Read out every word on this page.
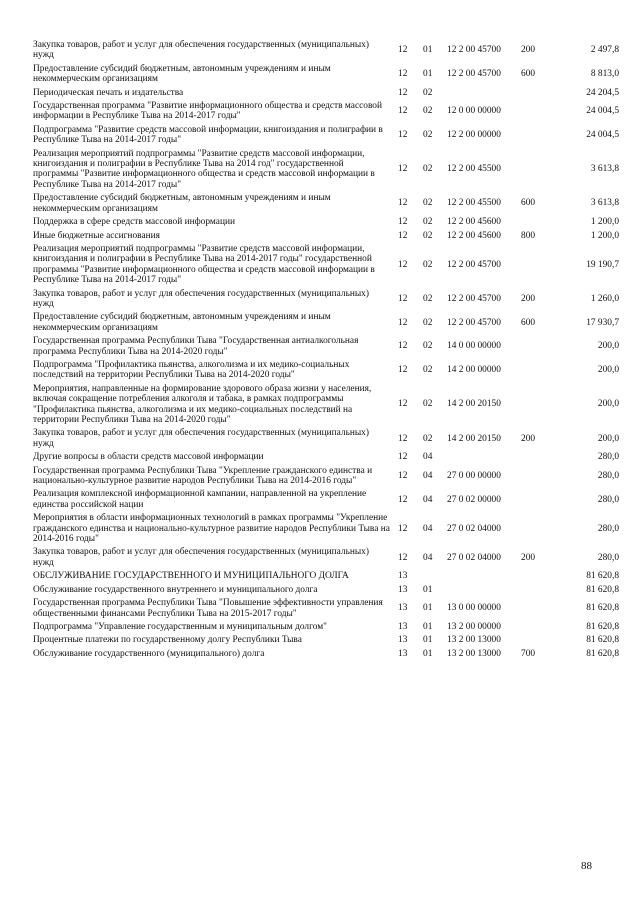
Закупка товаров, работ и услуг для обеспечения государственных (муниципальных) нужд	12	01	12 2 00 45700	200	2 497,8
Предоставление субсидий бюджетным, автономным учреждениям и иным некоммерческим организациям	12	01	12 2 00 45700	600	8 813,0
Периодическая печать и издательства	12	02			24 204,5
Государственная программа "Развитие информационного общества и средств массовой информации в Республике Тыва на 2014-2017 годы"	12	02	12 0 00 00000		24 004,5
Подпрограмма "Развитие средств массовой информации, книгоиздания и полиграфии в Республике Тыва на 2014-2017 годы"	12	02	12 2 00 00000		24 004,5
Реализация мероприятий подпрограммы "Развитие средств массовой информации, книгоиздания и полиграфии в Республике Тыва на 2014 год" государственной программы "Развитие информационного общества и средств массовой информации в Республике Тыва на 2014-2017 годы"	12	02	12 2 00 45500		3 613,8
Предоставление субсидий бюджетным, автономным учреждениям и иным некоммерческим организациям	12	02	12 2 00 45500	600	3 613,8
Поддержка в сфере средств массовой информации	12	02	12 2 00 45600		1 200,0
Иные бюджетные ассигнования	12	02	12 2 00 45600	800	1 200,0
Реализация мероприятий подпрограммы "Развитие средств массовой информации, книгоиздания и полиграфии в Республике Тыва на 2014-2017 годы" государственной программы "Развитие информационного общества и средств массовой информации в Республике Тыва на 2014-2017 годы"	12	02	12 2 00 45700		19 190,7
Закупка товаров, работ и услуг для обеспечения государственных (муниципальных) нужд	12	02	12 2 00 45700	200	1 260,0
Предоставление субсидий бюджетным, автономным учреждениям и иным некоммерческим организациям	12	02	12 2 00 45700	600	17 930,7
Государственная программа Республики Тыва "Государственная антиалкогольная программа Республики Тыва на 2014-2020 годы"	12	02	14 0 00 00000		200,0
Подпрограмма "Профилактика пьянства, алкоголизма и их медико-социальных последствий на территории Республики Тыва на 2014-2020 годы"	12	02	14 2 00 00000		200,0
Мероприятия, направленные на формирование здорового образа жизни у населения, включая сокращение потребления алкоголя и табака, в рамках подпрограммы "Профилактика пьянства, алкоголизма и их медико-социальных последствий на территории Республики Тыва на 2014-2020 годы"	12	02	14 2 00 20150		200,0
Закупка товаров, работ и услуг для обеспечения государственных (муниципальных) нужд	12	02	14 2 00 20150	200	200,0
Другие вопросы в области средств массовой информации	12	04			280,0
Государственная программа Республики Тыва "Укрепление гражданского единства и национально-культурное развитие народов Республики Тыва на 2014-2016 годы"	12	04	27 0 00 00000		280,0
Реализация комплексной информационной кампании, направленной на укрепление единства российской нации	12	04	27 0 02 00000		280,0
Мероприятия в области информационных технологий в рамках программы "Укрепление гражданского единства и национально-культурное развитие народов Республики Тыва на 2014-2016 годы"	12	04	27 0 02 04000		280,0
Закупка товаров, работ и услуг для обеспечения государственных (муниципальных) нужд	12	04	27 0 02 04000	200	280,0
ОБСЛУЖИВАНИЕ ГОСУДАРСТВЕННОГО И МУНИЦИПАЛЬНОГО ДОЛГА	13				81 620,8
Обслуживание государственного внутреннего и муниципального долга	13	01			81 620,8
Государственная программа Республики Тыва "Повышение эффективности управления общественными финансами Республики Тыва на 2015-2017 годы"	13	01	13 0 00 00000		81 620,8
Подпрограмма "Управление государственным и муниципальным долгом"	13	01	13 2 00 00000		81 620,8
Процентные платежи по государственному долгу Республики Тыва	13	01	13 2 00 13000		81 620,8
Обслуживание государственного (муниципального) долга	13	01	13 2 00 13000	700	81 620,8
88
